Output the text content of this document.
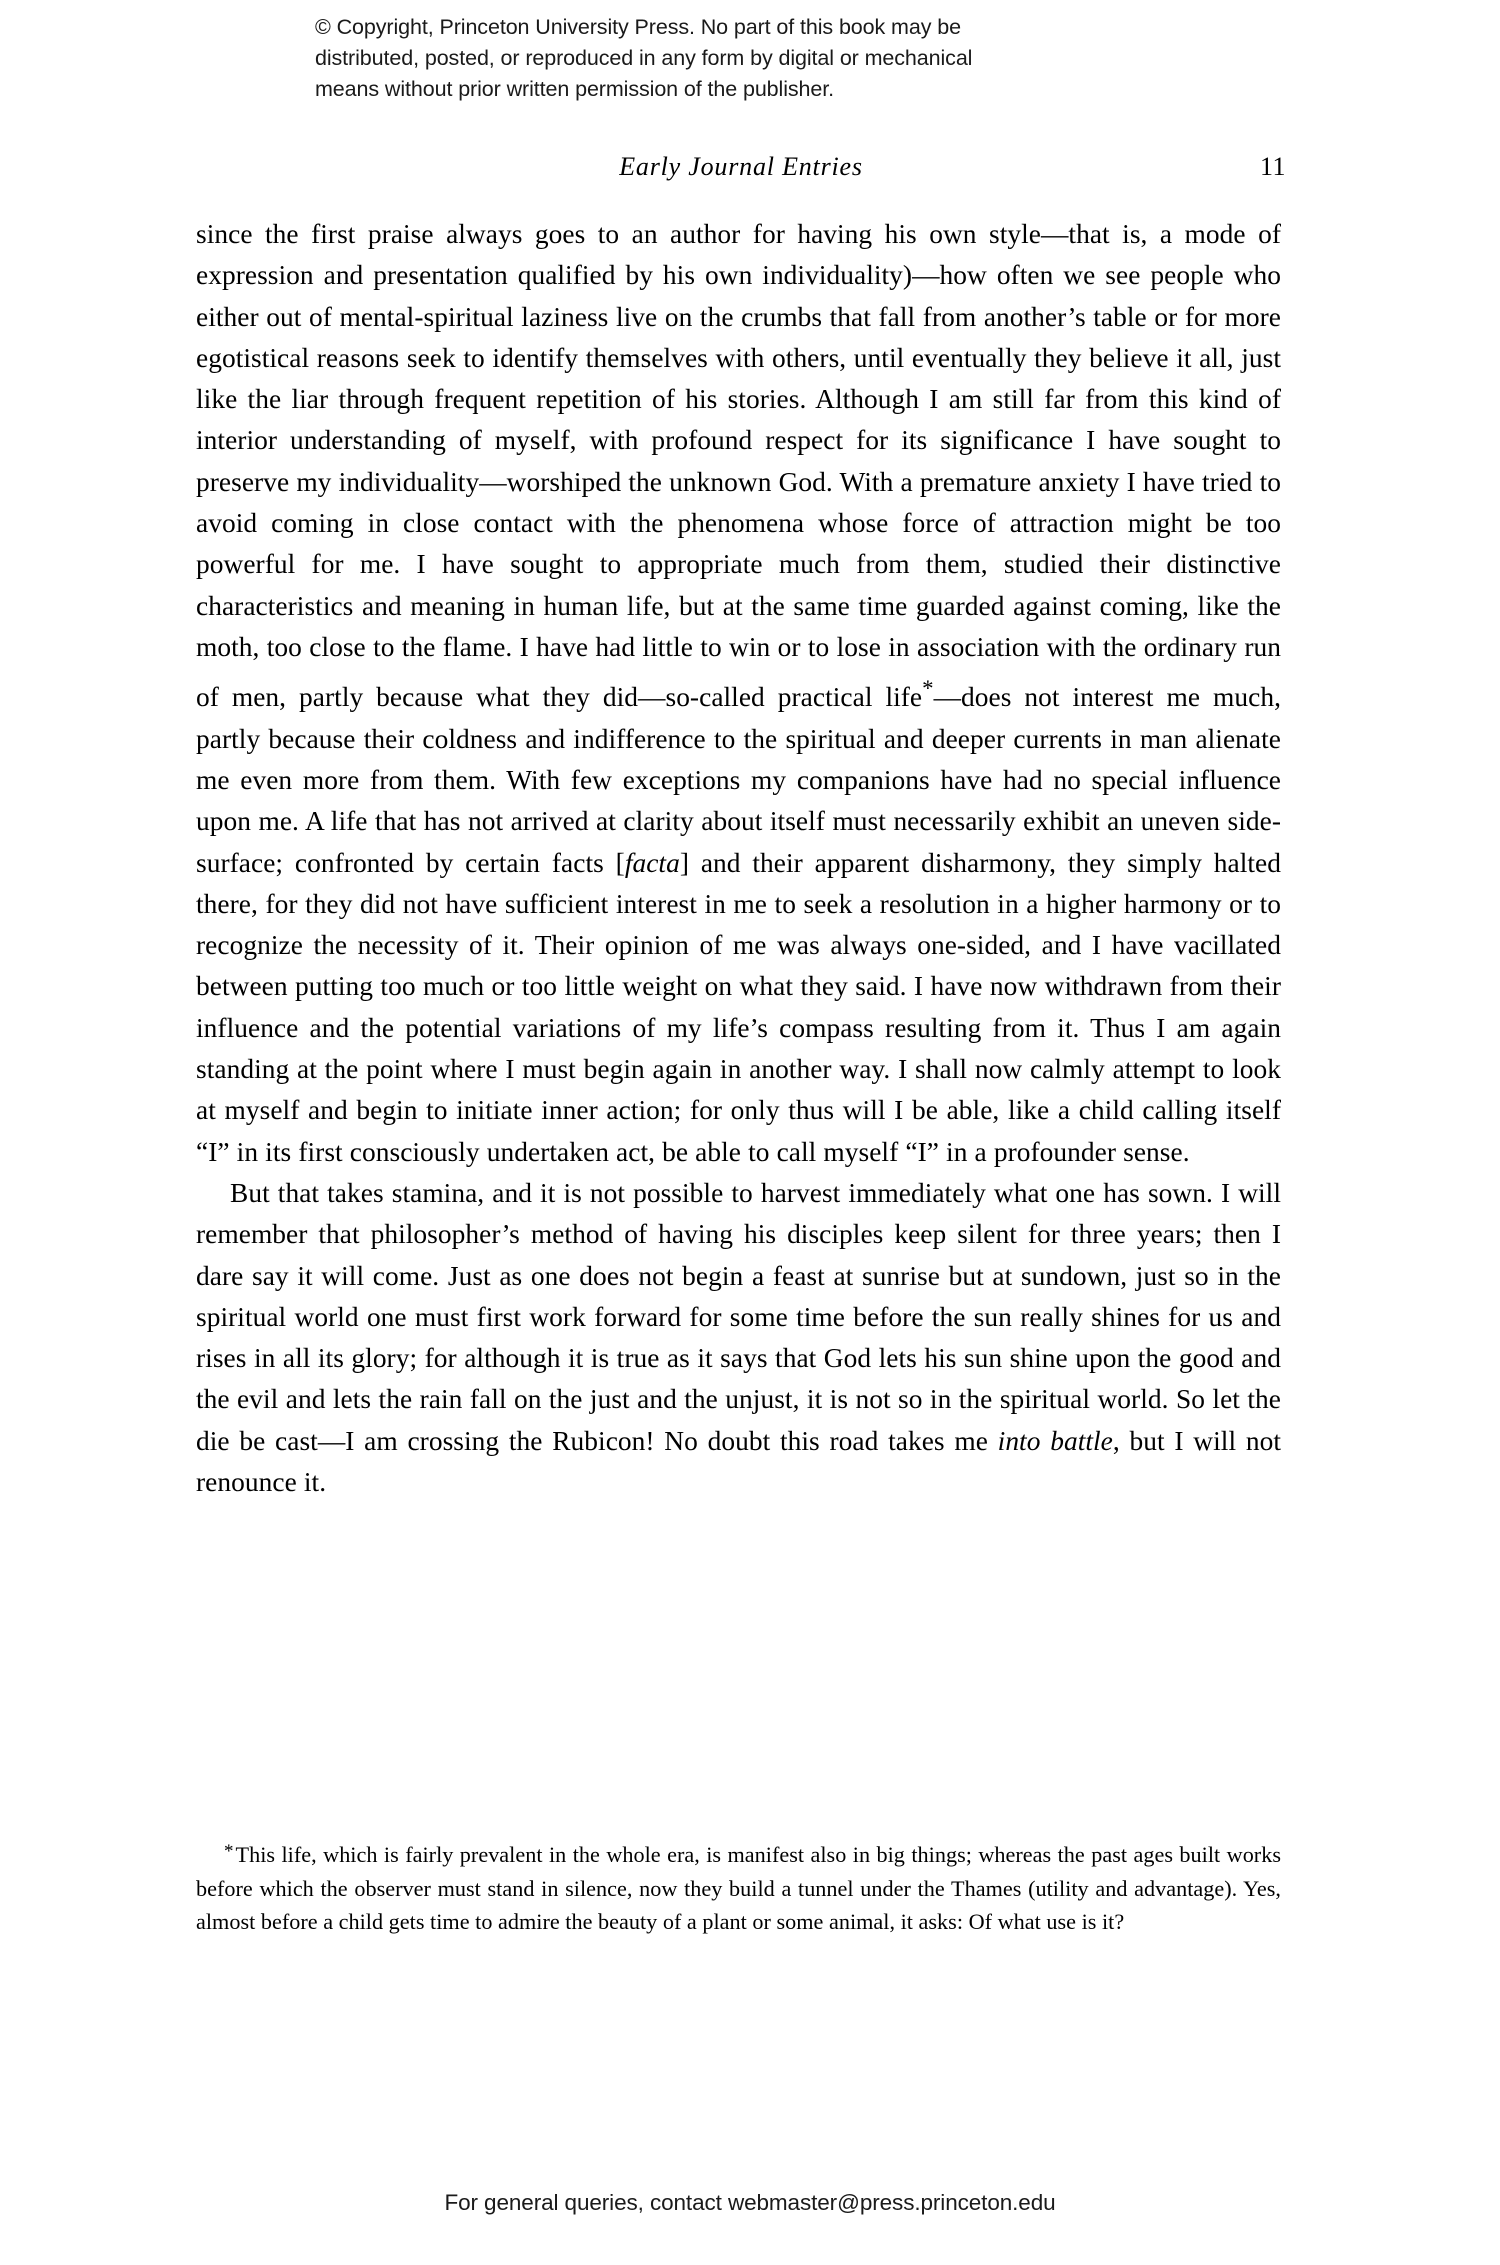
© Copyright, Princeton University Press. No part of this book may be
distributed, posted, or reproduced in any form by digital or mechanical
means without prior written permission of the publisher.
Early Journal Entries	11

since the first praise always goes to an author for having his own style—that is, a mode of expression and presentation qualified by his own individuality)—how often we see people who either out of mental-spiritual laziness live on the crumbs that fall from another’s table or for more egotistical reasons seek to identify themselves with others, until eventually they believe it all, just like the liar through frequent repetition of his stories. Although I am still far from this kind of interior understanding of myself, with profound respect for its significance I have sought to preserve my individuality—worshiped the unknown God. With a premature anxiety I have tried to avoid coming in close contact with the phenomena whose force of attraction might be too powerful for me. I have sought to appropriate much from them, studied their distinctive characteristics and meaning in human life, but at the same time guarded against coming, like the moth, too close to the flame. I have had little to win or to lose in association with the ordinary run of men, partly because what they did—so-called practical life*—does not interest me much, partly because their coldness and indifference to the spiritual and deeper currents in man alienate me even more from them. With few exceptions my companions have had no special influence upon me. A life that has not arrived at clarity about itself must necessarily exhibit an uneven side-surface; confronted by certain facts [facta] and their apparent disharmony, they simply halted there, for they did not have sufficient interest in me to seek a resolution in a higher harmony or to recognize the necessity of it. Their opinion of me was always one-sided, and I have vacillated between putting too much or too little weight on what they said. I have now withdrawn from their influence and the potential variations of my life’s compass resulting from it. Thus I am again standing at the point where I must begin again in another way. I shall now calmly attempt to look at myself and begin to initiate inner action; for only thus will I be able, like a child calling itself “I” in its first consciously undertaken act, be able to call myself “I” in a profounder sense.

But that takes stamina, and it is not possible to harvest immediately what one has sown. I will remember that philosopher’s method of having his disciples keep silent for three years; then I dare say it will come. Just as one does not begin a feast at sunrise but at sundown, just so in the spiritual world one must first work forward for some time before the sun really shines for us and rises in all its glory; for although it is true as it says that God lets his sun shine upon the good and the evil and lets the rain fall on the just and the unjust, it is not so in the spiritual world. So let the die be cast—I am crossing the Rubicon! No doubt this road takes me into battle, but I will not renounce it.

*This life, which is fairly prevalent in the whole era, is manifest also in big things; whereas the past ages built works before which the observer must stand in silence, now they build a tunnel under the Thames (utility and advantage). Yes, almost before a child gets time to admire the beauty of a plant or some animal, it asks: Of what use is it?

For general queries, contact webmaster@press.princeton.edu
